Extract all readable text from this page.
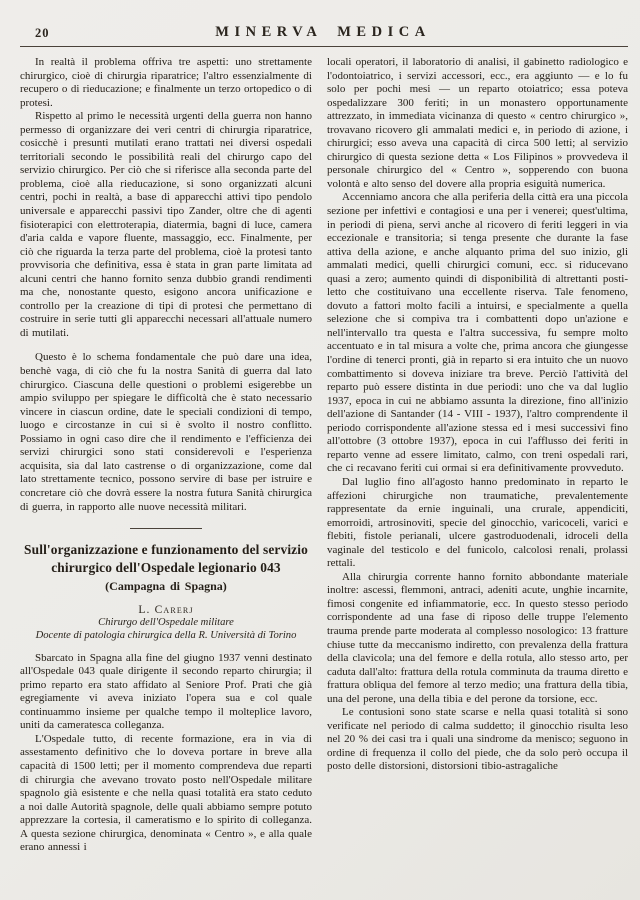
20	MINERVA MEDICA

In realtà il problema offriva tre aspetti: uno strettamente chirurgico, cioè di chirurgia riparatrice; l'altro essenzialmente di recupero o di rieducazione; e finalmente un terzo ortopedico o di protesi.

Rispetto al primo le necessità urgenti della guerra non hanno permesso di organizzare dei veri centri di chirurgia riparatrice, cosicchè i presunti mutilati erano trattati nei diversi ospedali territoriali secondo le possibilità reali del chirurgo capo del servizio chirurgico. Per ciò che si riferisce alla seconda parte del problema, cioè alla rieducazione, si sono organizzati alcuni centri, pochi in realtà, a base di apparecchi attivi tipo pendolo universale e apparecchi passivi tipo Zander, oltre che di agenti fisioterapici con elettroterapia, diatermia, bagni di luce, camera d'aria calda e vapore fluente, massaggio, ecc. Finalmente, per ciò che riguarda la terza parte del problema, cioè la protesi tanto provvisoria che definitiva, essa è stata in gran parte limitata ad alcuni centri che hanno fornito senza dubbio grandi rendimenti ma che, nonostante questo, esigono ancora unificazione e controllo per la creazione di tipi di protesi che permettano di costruire in serie tutti gli apparecchi necessari all'attuale numero di mutilati.

Questo è lo schema fondamentale che può dare una idea, benchè vaga, di ciò che fu la nostra Sanità di guerra dal lato chirurgico. Ciascuna delle questioni o problemi esigerebbe un ampio sviluppo per spiegare le difficoltà che è stato necessario vincere in ciascun ordine, date le speciali condizioni di tempo, luogo e circostanze in cui si è svolto il nostro conflitto. Possiamo in ogni caso dire che il rendimento e l'efficienza dei servizi chirurgici sono stati considerevoli e l'esperienza acquisita, sia dal lato castrense o di organizzazione, come dal lato strettamente tecnico, possono servire di base per istruire e concretare ciò che dovrà essere la nostra futura Sanità chirurgica di guerra, in rapporto alle nuove necessità militari.

Sull'organizzazione e funzionamento del servizio chirurgico dell'Ospedale legionario 043
(Campagna di Spagna)
L. Carerj
Chirurgo dell'Ospedale militare
Docente di patologia chirurgica della R. Università di Torino

Sbarcato in Spagna alla fine del giugno 1937 venni destinato all'Ospedale 043 quale dirigente il secondo reparto chirurgia; il primo reparto era stato affidato al Seniore Prof. Prati che già egregiamente vi aveva iniziato l'opera sua e col quale continuammo insieme per qualche tempo il molteplice lavoro, uniti da cameratesca colleganza.

L'Ospedale tutto, di recente formazione, era in via di assestamento definitivo che lo doveva portare in breve alla capacità di 1500 letti; per il momento comprendeva due reparti di chirurgia che avevano trovato posto nell'Ospedale militare spagnolo già esistente e che nella quasi totalità era stato ceduto a noi dalle Autorità spagnole, delle quali abbiamo sempre potuto apprezzare la cortesia, il cameratismo e lo spirito di colleganza. A questa sezione chirurgica, denominata « Centro », e alla quale erano annessi i

locali operatori, il laboratorio di analisi, il gabinetto radiologico e l'odontoiatrico, i servizi accessori, ecc., era aggiunto — e lo fu solo per pochi mesi — un reparto otoiatrico; essa poteva ospedalizzare 300 feriti; in un monastero opportunamente attrezzato, in immediata vicinanza di questo « centro chirurgico », trovavano ricovero gli ammalati medici e, in periodo di azione, i chirurgici; esso aveva una capacità di circa 500 letti; al servizio chirurgico di questa sezione detta « Los Filipinos » provvedeva il personale chirurgico del « Centro », sopperendo con buona volontà e alto senso del dovere alla propria esiguità numerica.

Accenniamo ancora che alla periferia della città era una piccola sezione per infettivi e contagiosi e una per i venerei; quest'ultima, in periodi di piena, servì anche al ricovero di feriti leggeri in via eccezionale e transitoria; si tenga presente che durante la fase attiva della azione, e anche alquanto prima del suo inizio, gli ammalati medici, quelli chirurgici comuni, ecc. si riducevano quasi a zero; aumento quindi di disponibilità di altrettanti posti-letto che costituivano una eccellente riserva. Tale fenomeno, dovuto a fattori molto facili a intuirsi, e specialmente a quella selezione che si compiva tra i combattenti dopo un'azione e nell'intervallo tra questa e l'altra successiva, fu sempre molto accentuato e in tal misura a volte che, prima ancora che giungesse l'ordine di tenerci pronti, già in reparto si era intuito che un nuovo combattimento si doveva iniziare tra breve. Perciò l'attività del reparto può essere distinta in due periodi: uno che va dal luglio 1937, epoca in cui ne abbiamo assunta la direzione, fino all'inizio dell'azione di Santander (14 - VIII - 1937), l'altro comprendente il periodo corrispondente all'azione stessa ed i mesi successivi fino all'ottobre (3 ottobre 1937), epoca in cui l'afflusso dei feriti in reparto venne ad essere limitato, calmo, con treni ospedali rari, che ci recavano feriti cui ormai si era definitivamente provveduto.

Dal luglio fino all'agosto hanno predominato in reparto le affezioni chirurgiche non traumatiche, prevalentemente rappresentate da ernie inguinali, una crurale, appendiciti, emorroidi, artrosinoviti, specie del ginocchio, varicoceli, varici e flebiti, fistole perianali, ulcere gastroduodenali, idroceli della vaginale del testicolo e del funicolo, calcolosi renali, prolassi rettali.

Alla chirurgia corrente hanno fornito abbondante materiale inoltre: ascessi, flemmoni, antraci, adeniti acute, unghie incarnite, fimosi congenite ed infiammatorie, ecc. In questo stesso periodo corrispondente ad una fase di riposo delle truppe l'elemento trauma prende parte moderata al complesso nosologico: 13 fratture chiuse tutte da meccanismo indiretto, con prevalenza della frattura della clavicola; una del femore e della rotula, allo stesso arto, per caduta dall'alto: frattura della rotula comminuta da trauma diretto e frattura obliqua del femore al terzo medio; una frattura della tibia, una del perone, una della tibia e del perone da torsione, ecc.

Le contusioni sono state scarse e nella quasi totalità si sono verificate nel periodo di calma suddetto; il ginocchio risulta leso nel 20 % dei casi tra i quali una sindrome da menisco; seguono in ordine di frequenza il collo del piede, che da solo però occupa il posto delle distorsioni, distorsioni tibio-astragaliche
